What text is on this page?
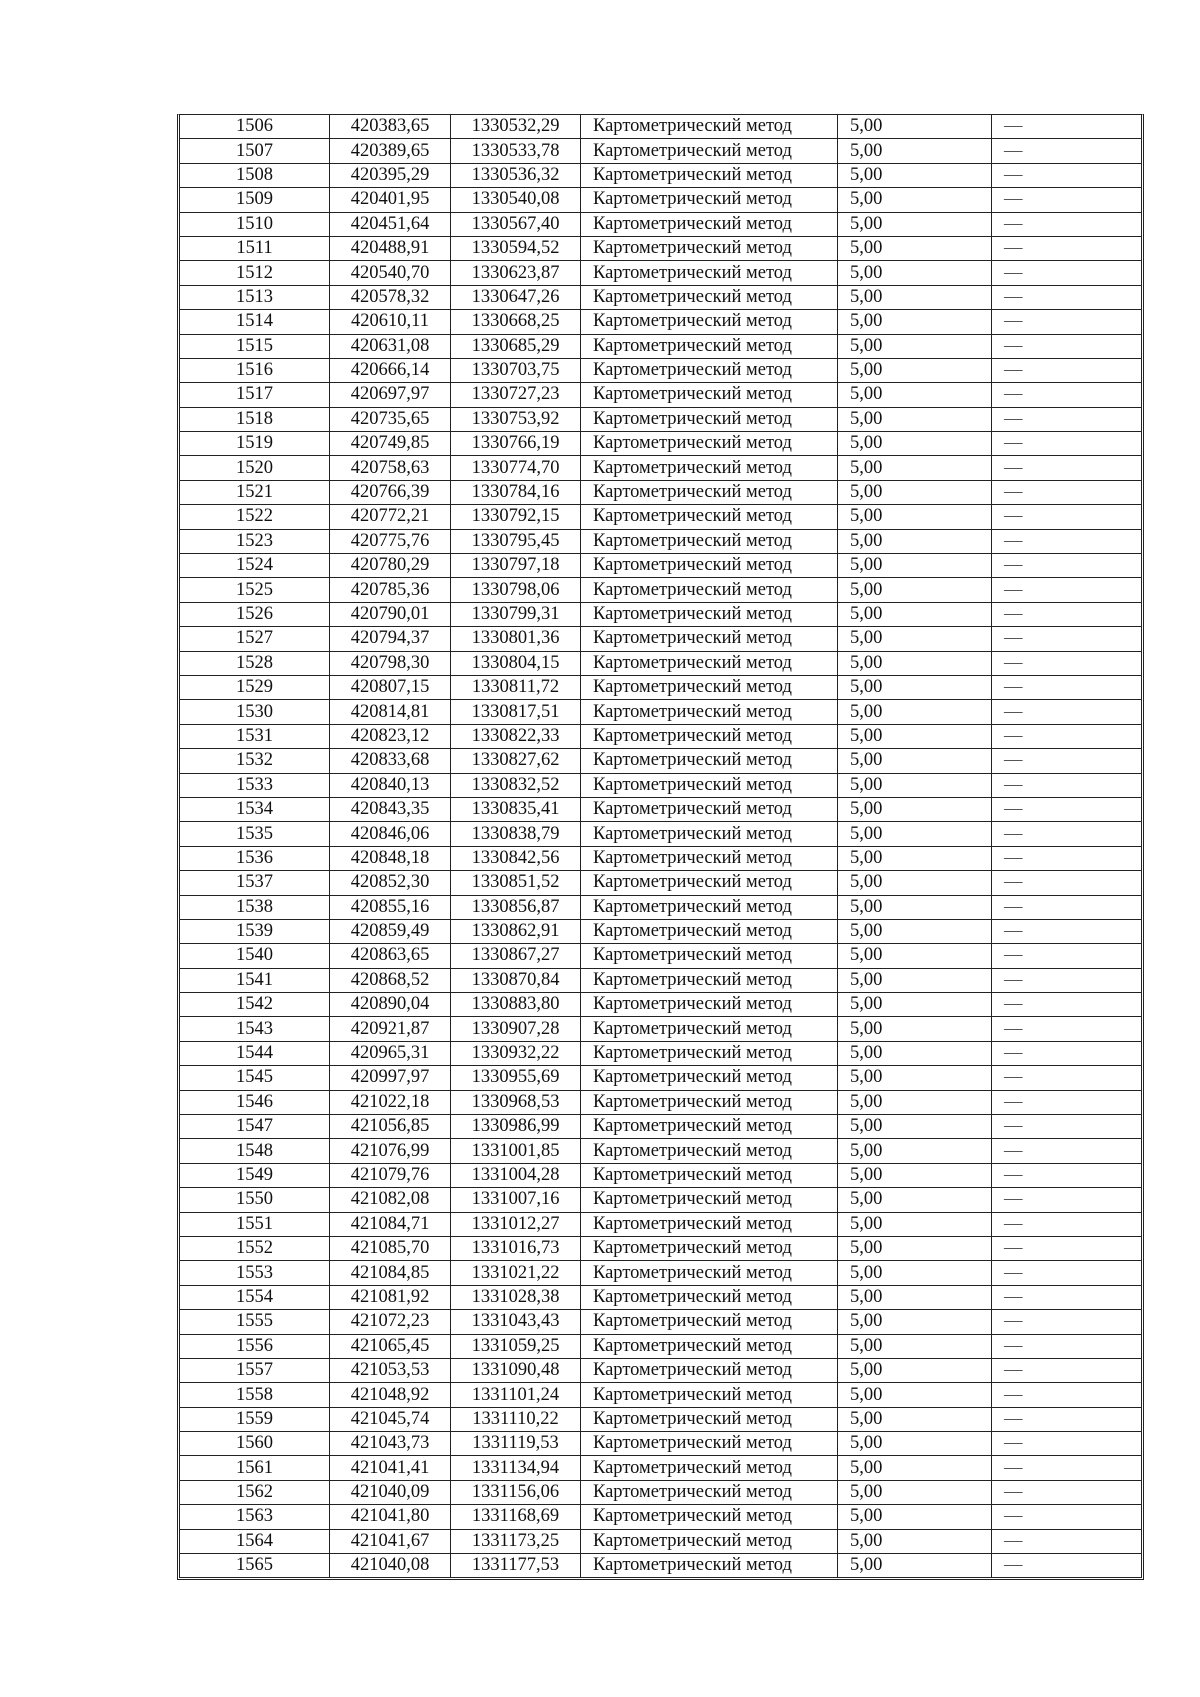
1506	420383,65	1330532,29	Картометрический метод	5,00	—
1507	420389,65	1330533,78	Картометрический метод	5,00	—
1508	420395,29	1330536,32	Картометрический метод	5,00	—
1509	420401,95	1330540,08	Картометрический метод	5,00	—
1510	420451,64	1330567,40	Картометрический метод	5,00	—
1511	420488,91	1330594,52	Картометрический метод	5,00	—
1512	420540,70	1330623,87	Картометрический метод	5,00	—
1513	420578,32	1330647,26	Картометрический метод	5,00	—
1514	420610,11	1330668,25	Картометрический метод	5,00	—
1515	420631,08	1330685,29	Картометрический метод	5,00	—
1516	420666,14	1330703,75	Картометрический метод	5,00	—
1517	420697,97	1330727,23	Картометрический метод	5,00	—
1518	420735,65	1330753,92	Картометрический метод	5,00	—
1519	420749,85	1330766,19	Картометрический метод	5,00	—
1520	420758,63	1330774,70	Картометрический метод	5,00	—
1521	420766,39	1330784,16	Картометрический метод	5,00	—
1522	420772,21	1330792,15	Картометрический метод	5,00	—
1523	420775,76	1330795,45	Картометрический метод	5,00	—
1524	420780,29	1330797,18	Картометрический метод	5,00	—
1525	420785,36	1330798,06	Картометрический метод	5,00	—
1526	420790,01	1330799,31	Картометрический метод	5,00	—
1527	420794,37	1330801,36	Картометрический метод	5,00	—
1528	420798,30	1330804,15	Картометрический метод	5,00	—
1529	420807,15	1330811,72	Картометрический метод	5,00	—
1530	420814,81	1330817,51	Картометрический метод	5,00	—
1531	420823,12	1330822,33	Картометрический метод	5,00	—
1532	420833,68	1330827,62	Картометрический метод	5,00	—
1533	420840,13	1330832,52	Картометрический метод	5,00	—
1534	420843,35	1330835,41	Картометрический метод	5,00	—
1535	420846,06	1330838,79	Картометрический метод	5,00	—
1536	420848,18	1330842,56	Картометрический метод	5,00	—
1537	420852,30	1330851,52	Картометрический метод	5,00	—
1538	420855,16	1330856,87	Картометрический метод	5,00	—
1539	420859,49	1330862,91	Картометрический метод	5,00	—
1540	420863,65	1330867,27	Картометрический метод	5,00	—
1541	420868,52	1330870,84	Картометрический метод	5,00	—
1542	420890,04	1330883,80	Картометрический метод	5,00	—
1543	420921,87	1330907,28	Картометрический метод	5,00	—
1544	420965,31	1330932,22	Картометрический метод	5,00	—
1545	420997,97	1330955,69	Картометрический метод	5,00	—
1546	421022,18	1330968,53	Картометрический метод	5,00	—
1547	421056,85	1330986,99	Картометрический метод	5,00	—
1548	421076,99	1331001,85	Картометрический метод	5,00	—
1549	421079,76	1331004,28	Картометрический метод	5,00	—
1550	421082,08	1331007,16	Картометрический метод	5,00	—
1551	421084,71	1331012,27	Картометрический метод	5,00	—
1552	421085,70	1331016,73	Картометрический метод	5,00	—
1553	421084,85	1331021,22	Картометрический метод	5,00	—
1554	421081,92	1331028,38	Картометрический метод	5,00	—
1555	421072,23	1331043,43	Картометрический метод	5,00	—
1556	421065,45	1331059,25	Картометрический метод	5,00	—
1557	421053,53	1331090,48	Картометрический метод	5,00	—
1558	421048,92	1331101,24	Картометрический метод	5,00	—
1559	421045,74	1331110,22	Картометрический метод	5,00	—
1560	421043,73	1331119,53	Картометрический метод	5,00	—
1561	421041,41	1331134,94	Картометрический метод	5,00	—
1562	421040,09	1331156,06	Картометрический метод	5,00	—
1563	421041,80	1331168,69	Картометрический метод	5,00	—
1564	421041,67	1331173,25	Картометрический метод	5,00	—
1565	421040,08	1331177,53	Картометрический метод	5,00	—
